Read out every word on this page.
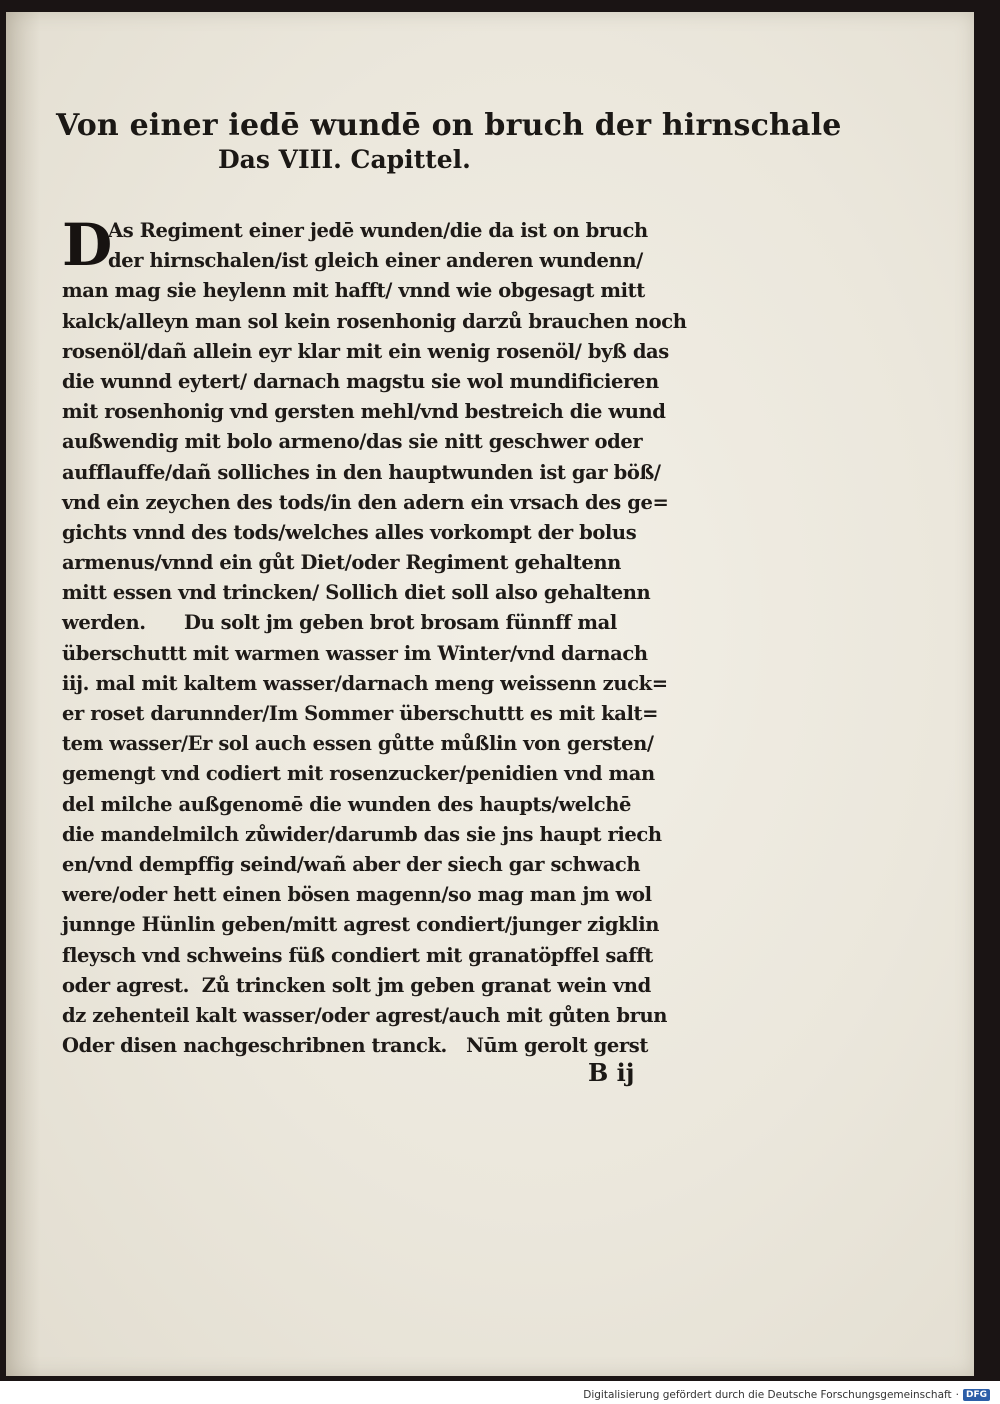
Von einer iedē wundē on bruch der hirnschale
Das VIII. Capittel.
D
As Regiment einer jedē wunden/die da ist on bruch
der hirnschalen/ist gleich einer anderen wundenn/
man mag sie heylenn mit hafft/ vnnd wie obgesagt mitt
kalck/alleyn man sol kein rosenhonig darzů brauchen noch
rosenöl/dañ allein eyr klar mit ein wenig rosenöl/ byß das
die wunnd eytert/ darnach magstu sie wol mundificieren
mit rosenhonig vnd gersten mehl/vnd bestreich die wund
außwendig mit bolo armeno/das sie nitt geschwer oder
aufflauffe/dañ solliches in den hauptwunden ist gar böß/
vnd ein zeychen des tods/in den adern ein vrsach des ge=
gichts vnnd des tods/welches alles vorkompt der bolus
armenus/vnnd ein gůt Diet/oder Regiment gehaltenn
mitt essen vnd trincken/ Sollich diet soll also gehaltenn
werden.      Du solt jm geben brot brosam fünnff mal
überschuttt mit warmen wasser im Winter/vnd darnach
iij. mal mit kaltem wasser/darnach meng weissenn zuck=
er roset darunnder/Im Sommer überschuttt es mit kalt=
tem wasser/Er sol auch essen gůtte můßlin von gersten/
gemengt vnd codiert mit rosenzucker/penidien vnd man
del milche außgenomē die wunden des haupts/welchē
die mandelmilch zůwider/darumb das sie jns haupt riech
en/vnd dempffig seind/wañ aber der siech gar schwach
were/oder hett einen bösen magenn/so mag man jm wol
junnge Hünlin geben/mitt agrest condiert/junger zigklin
fleysch vnd schweins füß condiert mit granatöpffel safft
oder agrest.  Zů trincken solt jm geben granat wein vnd
dz zehenteil kalt wasser/oder agrest/auch mit gůten brun
Oder disen nachgeschribnen tranck.   Nūm gerolt gerst
B ij
Digitalisierung gefördert durch die Deutsche Forschungsgemeinschaft · DFG
